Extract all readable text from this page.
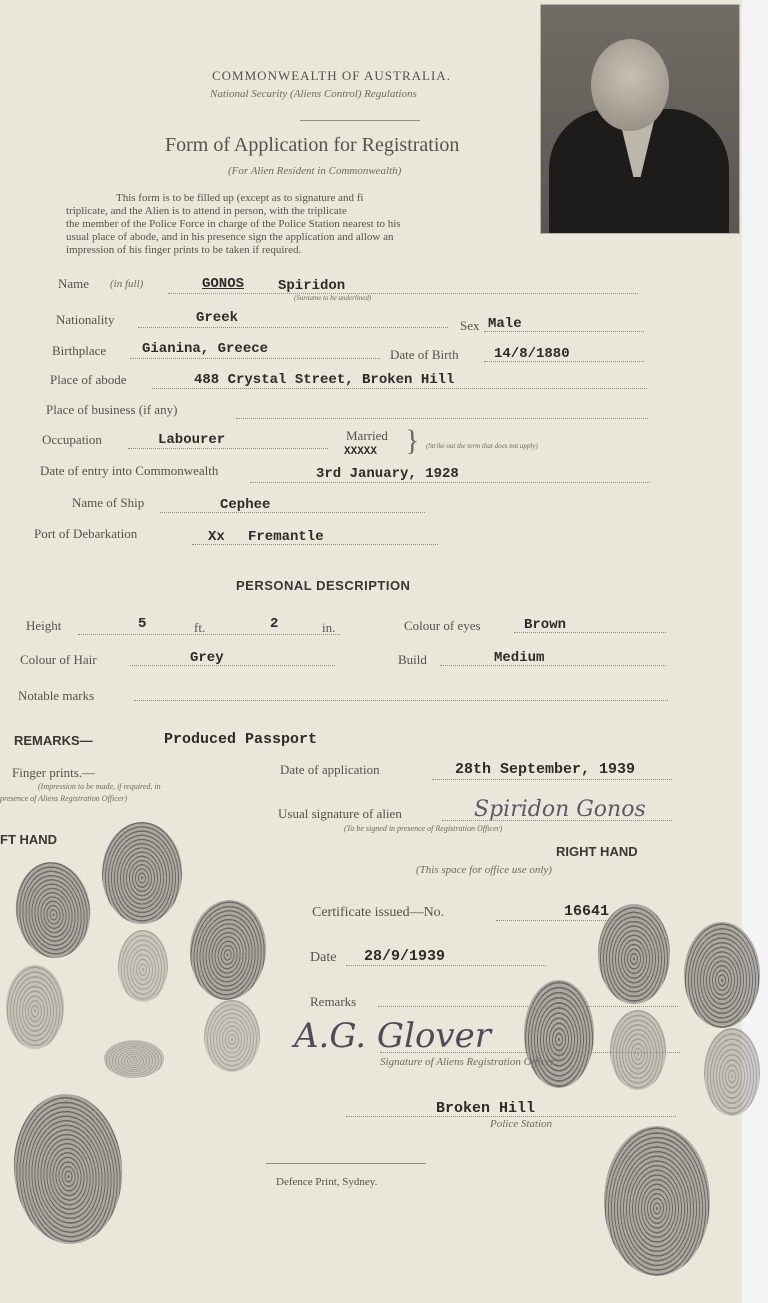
COMMONWEALTH OF AUSTRALIA.
National Security (Aliens Control) Regulations
Form of Application for Registration
(For Alien Resident in Commonwealth)
This form is to be filled up (except as to signature and fi
triplicate, and the Alien is to attend in person, with the triplicate
the member of the Police Force in charge of the Police Station nearest to his
usual place of abode, and in his presence sign the application and allow an
impression of his finger prints to be taken if required.
Name (in full)	GONOS Spiridon
(Surname to be underlined)
Nationality	Greek	Sex Male
Birthplace	Gianina, Greece	Date of Birth	14/8/1880
Place of abode	488 Crystal Street, Broken Hill
Place of business (if any)
Occupation	Labourer	Married
XXXXX } (Strike out the term that does not apply)
Date of entry into Commonwealth	3rd January, 1928
Name of Ship	Cephee
Port of Debarkation	Xx Fremantle
PERSONAL DESCRIPTION
Height	5	ft.	2	in.	Colour of eyes	Brown
Colour of Hair	Grey	Build	Medium
Notable marks
REMARKS—	Produced Passport
Finger prints.—
(Impression to be made, if required, in
presence of Aliens Registration Officer)
Date of application	28th September, 1939
Usual signature of alien	Spiridon Gonos
(To be signed in presence of Registration Officer)
FT HAND
RIGHT HAND
(This space for office use only)
Certificate issued—No.	16641
Date 28/9/1939
Remarks
A.G. Glover
Signature of Aliens Registration Officer
Broken Hill
Police Station
Defence Print, Sydney.
